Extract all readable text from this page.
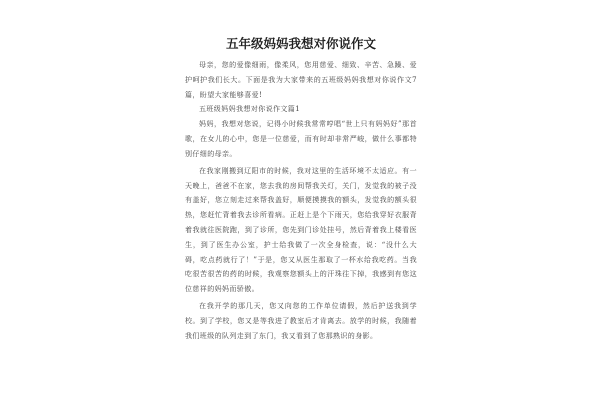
五年级妈妈我想对你说作文

母亲，您的爱像细雨，像柔风，您用慈爱、细致、辛苦、急躁、爱护呵护我们长大。下面是我为大家带来的五班级妈妈我想对你说作文7篇，盼望大家能够喜爱!

五班级妈妈我想对你说作文篇1

妈妈，我想对您说，记得小时候我常常哼唱“世上只有妈妈好”那首歌，在女儿的心中，您是一位慈爱，而有时却非常严峻，做什么事都特别仔细的母亲。

在我家刚搬到辽阳市的时候，我对这里的生活环境不太适应。有一天晚上，爸爸不在家，您去我的房间帮我关灯，关门，发觉我的被子没有盖好，您立刻走过来帮我盖好，顺便摸摸我的额头，发觉我的额头很热，您赶忙背着我去诊所看病。正赶上是个下雨天，您给我穿好衣服背着我就往医院跑，到了诊所，您先到门诊处挂号，然后背着我上楼看医生，到了医生办公室，护士给我做了一次全身检查，说：“没什么大碍，吃点药就行了！”于是，您又从医生那取了一杯水给我吃药。当我吃很苦很苦的药的时候，我观察您额头上的汗珠往下掉，我感到有您这位慈祥的妈妈而骄傲。

在我开学的那几天，您又向您的工作单位请假，然后护送我到学校。到了学校，您又是等我进了教室后才肯离去。放学的时候，我随着我们班级的队列走到了东门，我又看到了您那熟识的身影。
